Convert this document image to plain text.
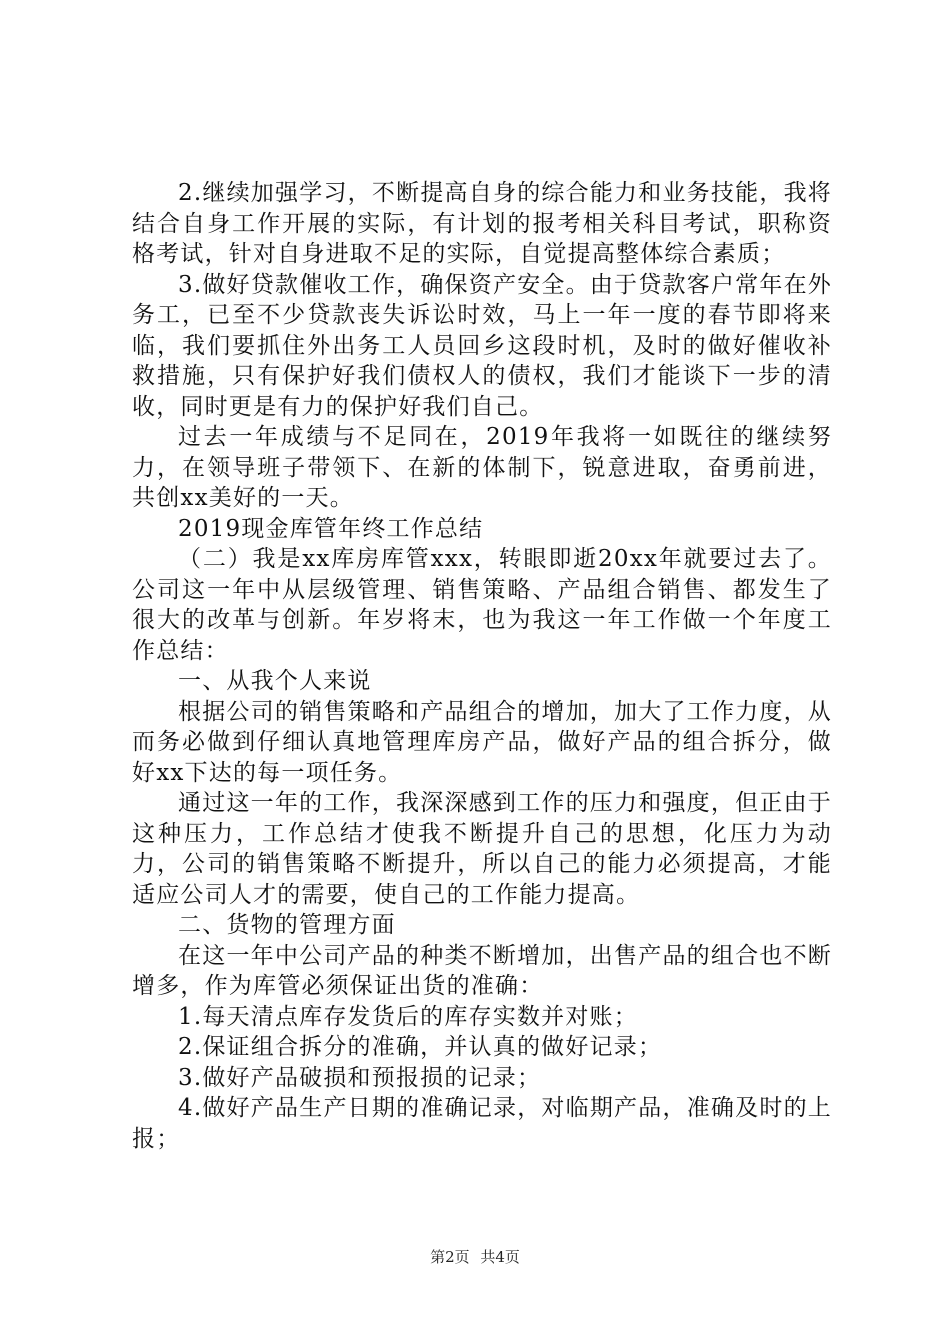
2.继续加强学习，不断提高自身的综合能力和业务技能，我将结合自身工作开展的实际，有计划的报考相关科目考试，职称资格考试，针对自身进取不足的实际，自觉提高整体综合素质；

3.做好贷款催收工作，确保资产安全。由于贷款客户常年在外务工，已至不少贷款丧失诉讼时效，马上一年一度的春节即将来临，我们要抓住外出务工人员回乡这段时机，及时的做好催收补救措施，只有保护好我们债权人的债权，我们才能谈下一步的清收，同时更是有力的保护好我们自己。

过去一年成绩与不足同在，2019年我将一如既往的继续努力，在领导班子带领下、在新的体制下，锐意进取，奋勇前进，共创xx美好的一天。

2019现金库管年终工作总结

（二）我是xx库房库管xxx，转眼即逝20xx年就要过去了。公司这一年中从层级管理、销售策略、产品组合销售、都发生了很大的改革与创新。年岁将末，也为我这一年工作做一个年度工作总结：

一、从我个人来说

根据公司的销售策略和产品组合的增加，加大了工作力度，从而务必做到仔细认真地管理库房产品，做好产品的组合拆分，做好xx下达的每一项任务。

通过这一年的工作，我深深感到工作的压力和强度，但正由于这种压力，工作总结才使我不断提升自己的思想，化压力为动力，公司的销售策略不断提升，所以自己的能力必须提高，才能适应公司人才的需要，使自己的工作能力提高。

二、货物的管理方面

在这一年中公司产品的种类不断增加，出售产品的组合也不断增多，作为库管必须保证出货的准确：

1.每天清点库存发货后的库存实数并对账；

2.保证组合拆分的准确，并认真的做好记录；

3.做好产品破损和预报损的记录；

4.做好产品生产日期的准确记录，对临期产品，准确及时的上报；

第2页 共4页
